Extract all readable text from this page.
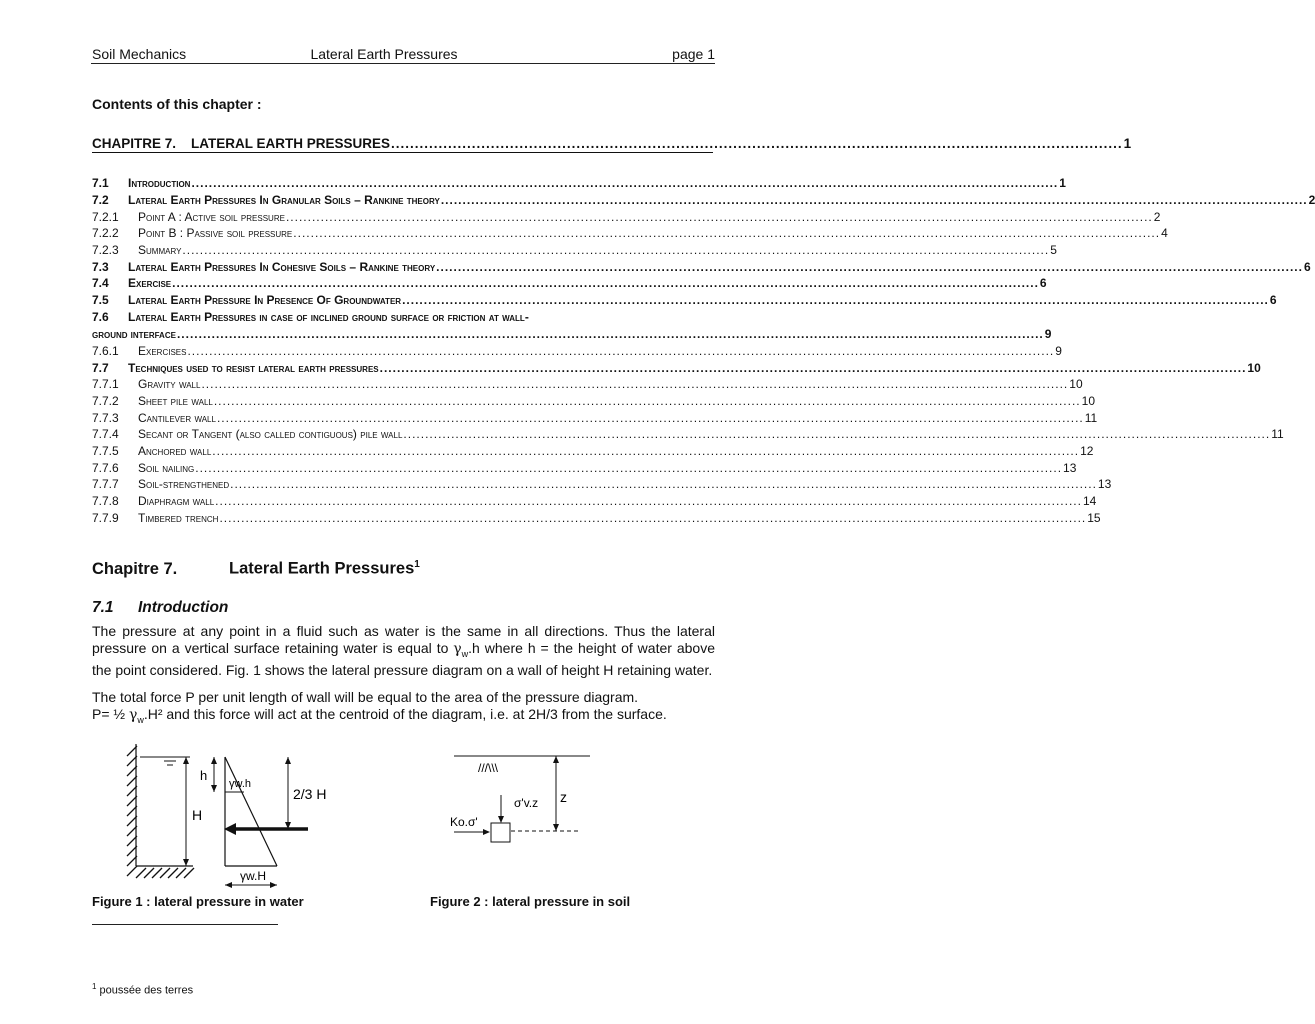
Soil Mechanics	Lateral Earth Pressures	page 1
Contents of this chapter :
CHAPITRE 7.    LATERAL EARTH PRESSURES .......................................................................................................................................................... 1
7.1	Introduction ........................................................................................................................................................................................................ 1
7.2	Lateral Earth Pressures In Granular Soils – Rankine theory ........................................................................................................................................................................................................ 2
7.2.1	Point A : Active soil pressure ........................................................................................................................................................................................................ 2
7.2.2	Point B : Passive soil pressure ........................................................................................................................................................................................................ 4
7.2.3	Summary ........................................................................................................................................................................................................ 5
7.3	Lateral Earth Pressures In Cohesive Soils – Rankine theory ........................................................................................................................................................................................................ 6
7.4	Exercise ........................................................................................................................................................................................................ 6
7.5	Lateral Earth Pressure In Presence Of Groundwater ........................................................................................................................................................................................................ 6
7.6	Lateral Earth Pressures in case of inclined ground surface or friction at wall-
ground interface ........................................................................................................................................................................................................ 9
7.6.1	Exercises ........................................................................................................................................................................................................ 9
7.7	Techniques used to resist lateral earth pressures ........................................................................................................................................................................................................ 10
7.7.1	Gravity wall ........................................................................................................................................................................................................ 10
7.7.2	Sheet pile wall ........................................................................................................................................................................................................ 10
7.7.3	Cantilever wall ........................................................................................................................................................................................................ 11
7.7.4	Secant or Tangent (also called contiguous) pile wall ........................................................................................................................................................................................................ 11
7.7.5	Anchored wall ........................................................................................................................................................................................................ 12
7.7.6	Soil nailing ........................................................................................................................................................................................................ 13
7.7.7	Soil-strengthened ........................................................................................................................................................................................................ 13
7.7.8	Diaphragm wall ........................................................................................................................................................................................................ 14
7.7.9	Timbered trench ........................................................................................................................................................................................................ 15
Chapitre 7.	Lateral Earth Pressures$^1$
7.1 Introduction
The pressure at any point in a fluid such as water is the same in all directions. Thus the lateral pressure on a vertical surface retaining water is equal to $\gamma_w.h$ where h = the height of water above the point considered. Fig. 1 shows the lateral pressure diagram on a wall of height H retaining water.
The total force P per unit length of wall will be equal to the area of the pressure diagram.
P= ½ $\gamma_w.H^2$ and this force will act at the centroid of the diagram, i.e. at 2H/3 from the surface.
H
h
γw.h
2/3 H
γw.H
Figure 1 : lateral pressure in water
///\\\
z
σ'v.z
Ko.σ'
Figure 2 : lateral pressure in soil
$^1$ poussée des terres
